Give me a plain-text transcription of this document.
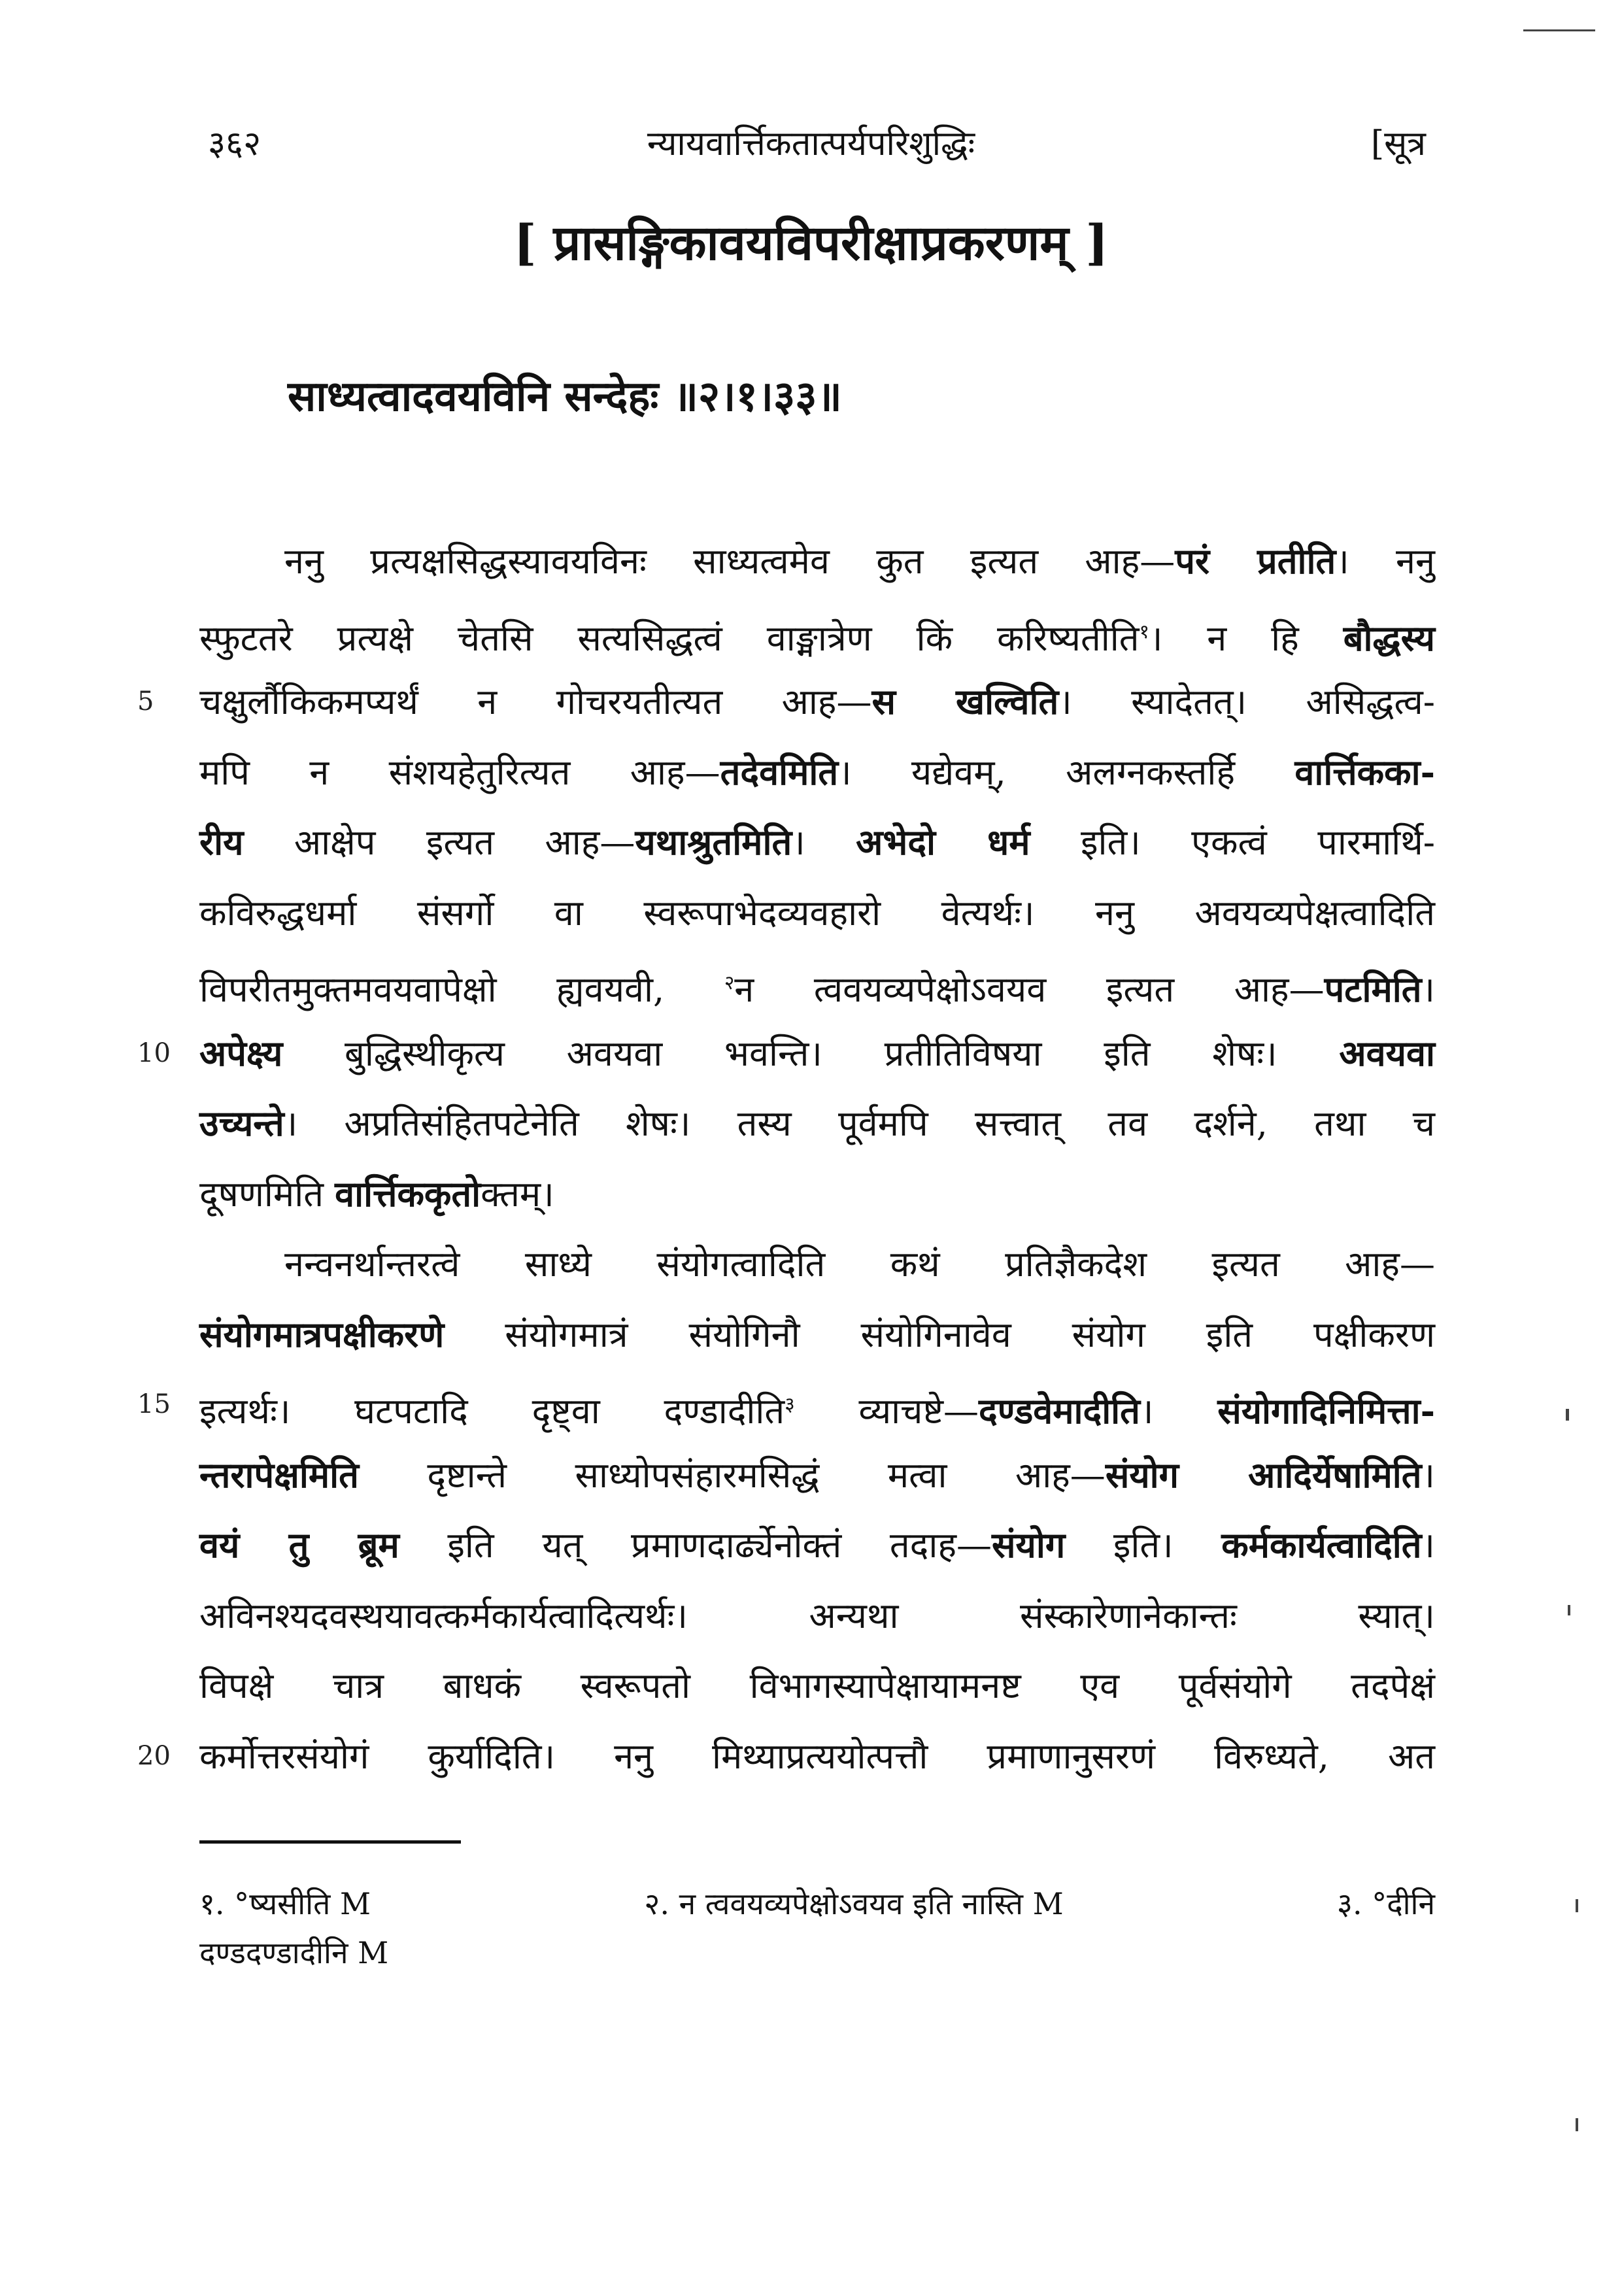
३६२	न्यायवार्त्तिकतात्पर्यपरिशुद्धिः	[सूत्र
[ प्रासङ्गिकावयविपरीक्षाप्रकरणम् ]
साध्यत्वादवयविनि सन्देहः ॥२।१।३३॥
ननु प्रत्यक्षसिद्धस्यावयविनः साध्यत्वमेव कुत इत्यत आह—परं प्रतीति। ननु
स्फुटतरे प्रत्यक्षे चेतसि सत्यसिद्धत्वं वाङ्मात्रेण किं करिष्यतीति$^१$। न हि बौद्धस्य
5	चक्षुर्लौकिकमप्यर्थं न गोचरयतीत्यत आह—स खल्विति। स्यादेतत्। असिद्धत्व-
मपि न संशयहेतुरित्यत आह—तदेवमिति। यद्येवम्, अलग्नकस्तर्हि वार्त्तिकका-
रीय आक्षेप इत्यत आह—यथाश्रुतमिति। अभेदो धर्म इति। एकत्वं पारमार्थि-
कविरुद्धधर्मा संसर्गो वा स्वरूपाभेदव्यवहारो वेत्यर्थः। ननु अवयव्यपेक्षत्वादिति
विपरीतमुक्तमवयवापेक्षो ह्यवयवी, $^२$न त्ववयव्यपेक्षोऽवयव इत्यत आह—पटमिति।
10 अपेक्ष्य बुद्धिस्थीकृत्य अवयवा भवन्ति। प्रतीतिविषया इति शेषः। अवयवा
उच्यन्ते। अप्रतिसंहितपटेनेति शेषः। तस्य पूर्वमपि सत्त्वात् तव दर्शने, तथा च
दूषणमिति वार्त्तिककृतोक्तम्।
नन्वनर्थान्तरत्वे साध्ये संयोगत्वादिति कथं प्रतिज्ञैकदेश इत्यत आह—
संयोगमात्रपक्षीकरणे संयोगमात्रं संयोगिनौ संयोगिनावेव संयोग इति पक्षीकरण
15 इत्यर्थः। घटपटादि दृष्ट्वा दण्डादीति$^३$ व्याचष्टे—दण्डवेमादीति। संयोगादिनिमित्ता-
न्तरापेक्षमिति दृष्टान्ते साध्योपसंहारमसिद्धं मत्वा आह—संयोग आदिर्येषामिति।
वयं तु ब्रूम इति यत् प्रमाणदार्ढ्येनोक्तं तदाह—संयोग इति। कर्मकार्यत्वादिति।
अविनश्यदवस्थयावत्कर्मकार्यत्वादित्यर्थः। अन्यथा संस्कारेणानेकान्तः स्यात्।
विपक्षे चात्र बाधकं स्वरूपतो विभागस्यापेक्षायामनष्ट एव पूर्वसंयोगे तदपेक्षं
20 कर्मोत्तरसंयोगं कुर्यादिति। ननु मिथ्याप्रत्ययोत्पत्तौ प्रमाणानुसरणं विरुध्यते, अत
१. °ष्यसीति M	२. न त्ववयव्यपेक्षोऽवयव इति नास्ति M	३. °दीनि
दण्डदण्डादीनि M
